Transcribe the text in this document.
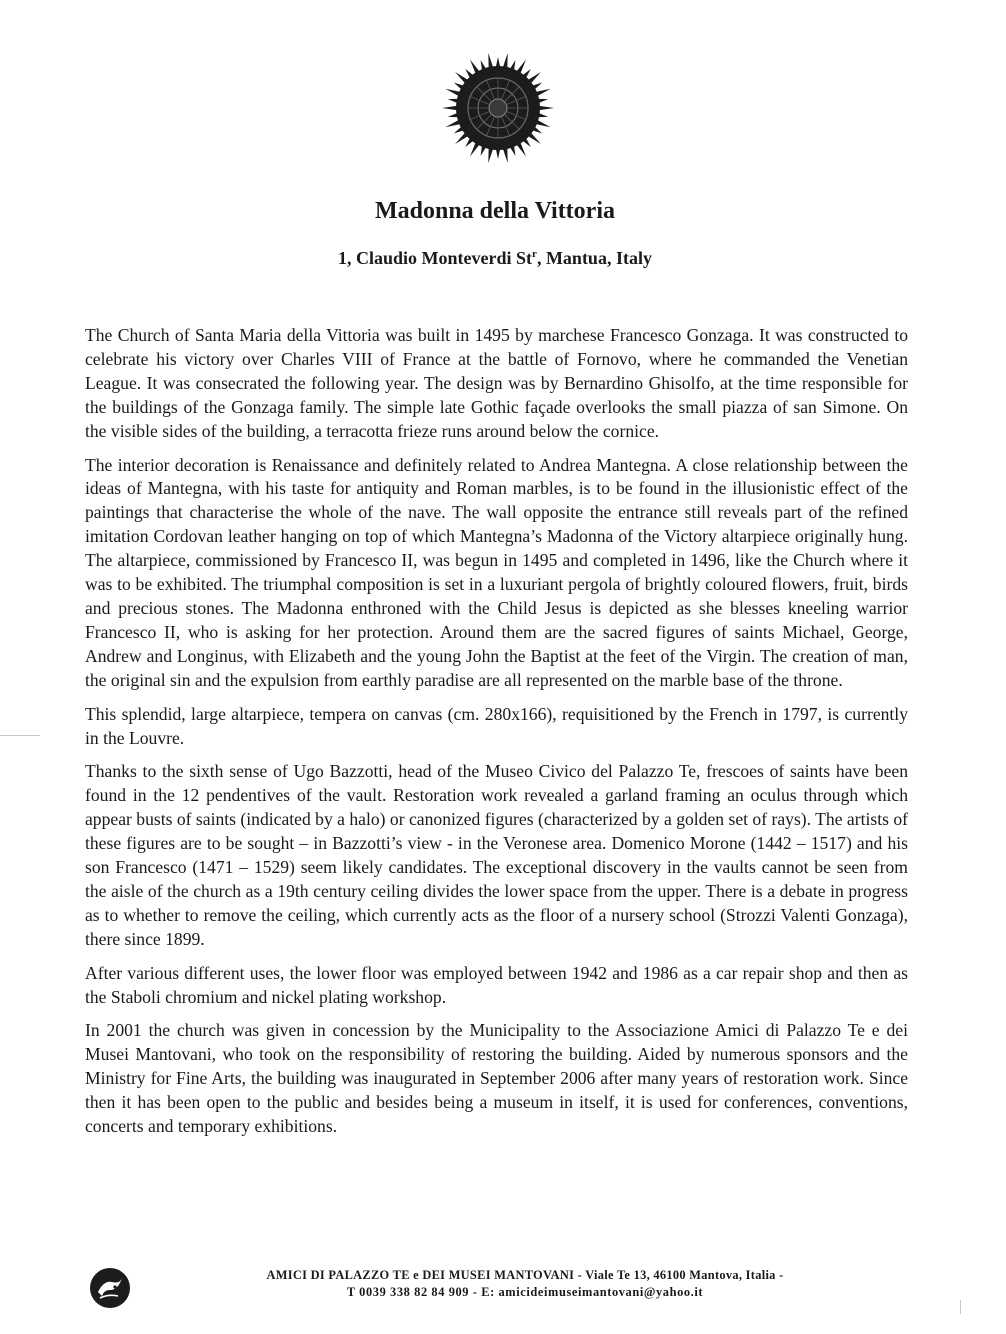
Madonna della Vittoria
1, Claudio Monteverdi St$^r$, Mantua, Italy

The Church of Santa Maria della Vittoria was built in 1495 by marchese Francesco Gonzaga. It was constructed to celebrate his victory over Charles VIII of France at the battle of Fornovo, where he commanded the Venetian League. It was consecrated the following year. The design was by Bernardino Ghisolfo, at the time responsible for the buildings of the Gonzaga family. The simple late Gothic façade overlooks the small piazza of san Simone. On the visible sides of the building, a terracotta frieze runs around below the cornice.

The interior decoration is Renaissance and definitely related to Andrea Mantegna. A close relationship between the ideas of Mantegna, with his taste for antiquity and Roman marbles, is to be found in the illusionistic effect of the paintings that characterise the whole of the nave. The wall opposite the entrance still reveals part of the refined imitation Cordovan leather hanging on top of which Mantegna’s Madonna of the Victory altarpiece originally hung. The altarpiece, commissioned by Francesco II, was begun in 1495 and completed in 1496, like the Church where it was to be exhibited. The triumphal composition is set in a luxuriant pergola of brightly coloured flowers, fruit, birds and precious stones. The Madonna enthroned with the Child Jesus is depicted as she blesses kneeling warrior Francesco II, who is asking for her protection. Around them are the sacred figures of saints Michael, George, Andrew and Longinus, with Elizabeth and the young John the Baptist at the feet of the Virgin. The creation of man, the original sin and the expulsion from earthly paradise are all represented on the marble base of the throne.

This splendid, large altarpiece, tempera on canvas (cm. 280x166), requisitioned by the French in 1797, is currently in the Louvre.

Thanks to the sixth sense of Ugo Bazzotti, head of the Museo Civico del Palazzo Te, frescoes of saints have been found in the 12 pendentives of the vault. Restoration work revealed a garland framing an oculus through which appear busts of saints (indicated by a halo) or canonized figures (characterized by a golden set of rays). The artists of these figures are to be sought – in Bazzotti’s view - in the Veronese area. Domenico Morone (1442 – 1517) and his son Francesco (1471 – 1529) seem likely candidates. The exceptional discovery in the vaults cannot be seen from the aisle of the church as a 19th century ceiling divides the lower space from the upper. There is a debate in progress as to whether to remove the ceiling, which currently acts as the floor of a nursery school (Strozzi Valenti Gonzaga), there since 1899.

After various different uses, the lower floor was employed between 1942 and 1986 as a car repair shop and then as the Staboli chromium and nickel plating workshop.

In 2001 the church was given in concession by the Municipality to the Associazione Amici di Palazzo Te e dei Musei Mantovani, who took on the responsibility of restoring the building. Aided by numerous sponsors and the Ministry for Fine Arts, the building was inaugurated in September 2006 after many years of restoration work. Since then it has been open to the public and besides being a museum in itself, it is used for conferences, conventions, concerts and temporary exhibitions.

AMICI DI PALAZZO TE e DEI MUSEI MANTOVANI - Viale Te 13, 46100 Mantova, Italia -
T 0039 338 82 84 909 - E: amicideimuseimantovani@yahoo.it
